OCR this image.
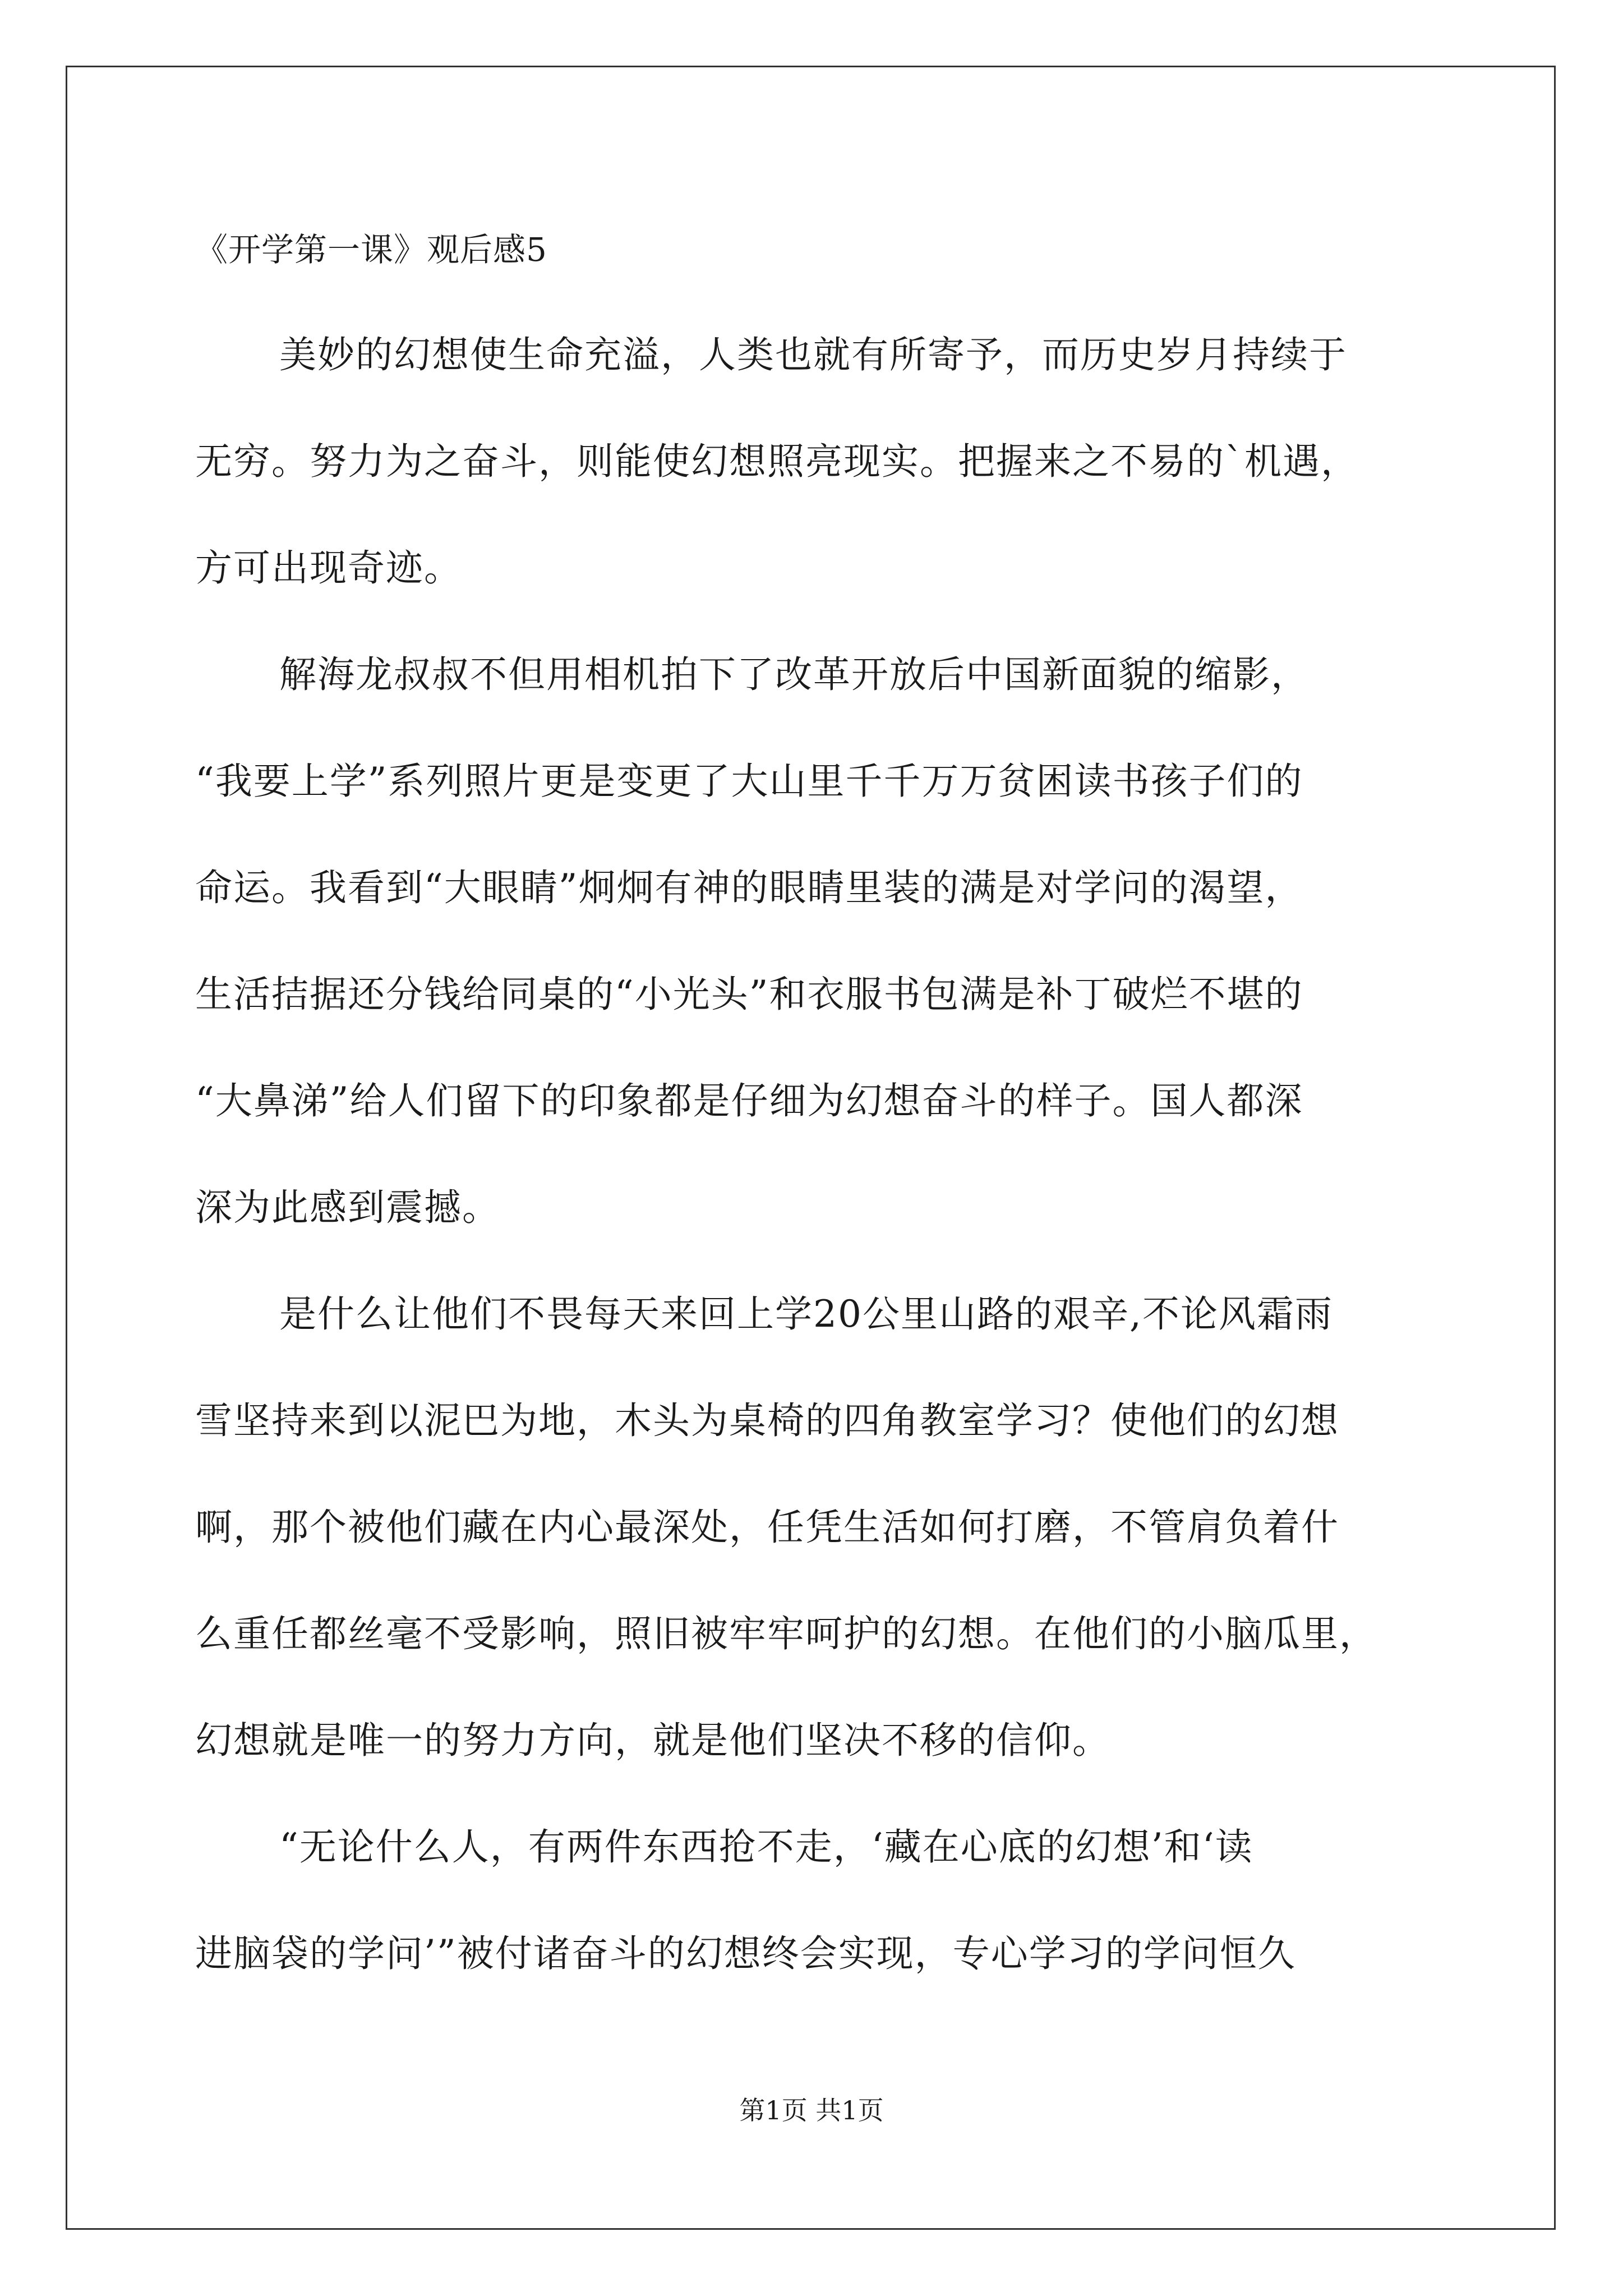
《开学第一课》观后感5
美妙的幻想使生命充溢，人类也就有所寄予，而历史岁月持续于
无穷。努力为之奋斗，则能使幻想照亮现实。把握来之不易的`机遇，
方可出现奇迹。
解海龙叔叔不但用相机拍下了改革开放后中国新面貌的缩影，
“我要上学”系列照片更是变更了大山里千千万万贫困读书孩子们的
命运。我看到“大眼睛”炯炯有神的眼睛里装的满是对学问的渴望，
生活拮据还分钱给同桌的“小光头”和衣服书包满是补丁破烂不堪的
“大鼻涕”给人们留下的印象都是仔细为幻想奋斗的样子。国人都深
深为此感到震撼。
是什么让他们不畏每天来回上学20公里山路的艰辛,不论风霜雨
雪坚持来到以泥巴为地，木头为桌椅的四角教室学习？使他们的幻想
啊，那个被他们藏在内心最深处，任凭生活如何打磨，不管肩负着什
么重任都丝毫不受影响，照旧被牢牢呵护的幻想。在他们的小脑瓜里，
幻想就是唯一的努力方向，就是他们坚决不移的信仰。
“无论什么人，有两件东西抢不走，‘藏在心底的幻想’和‘读
进脑袋的学问’”被付诸奋斗的幻想终会实现，专心学习的学问恒久
第1页 共1页
